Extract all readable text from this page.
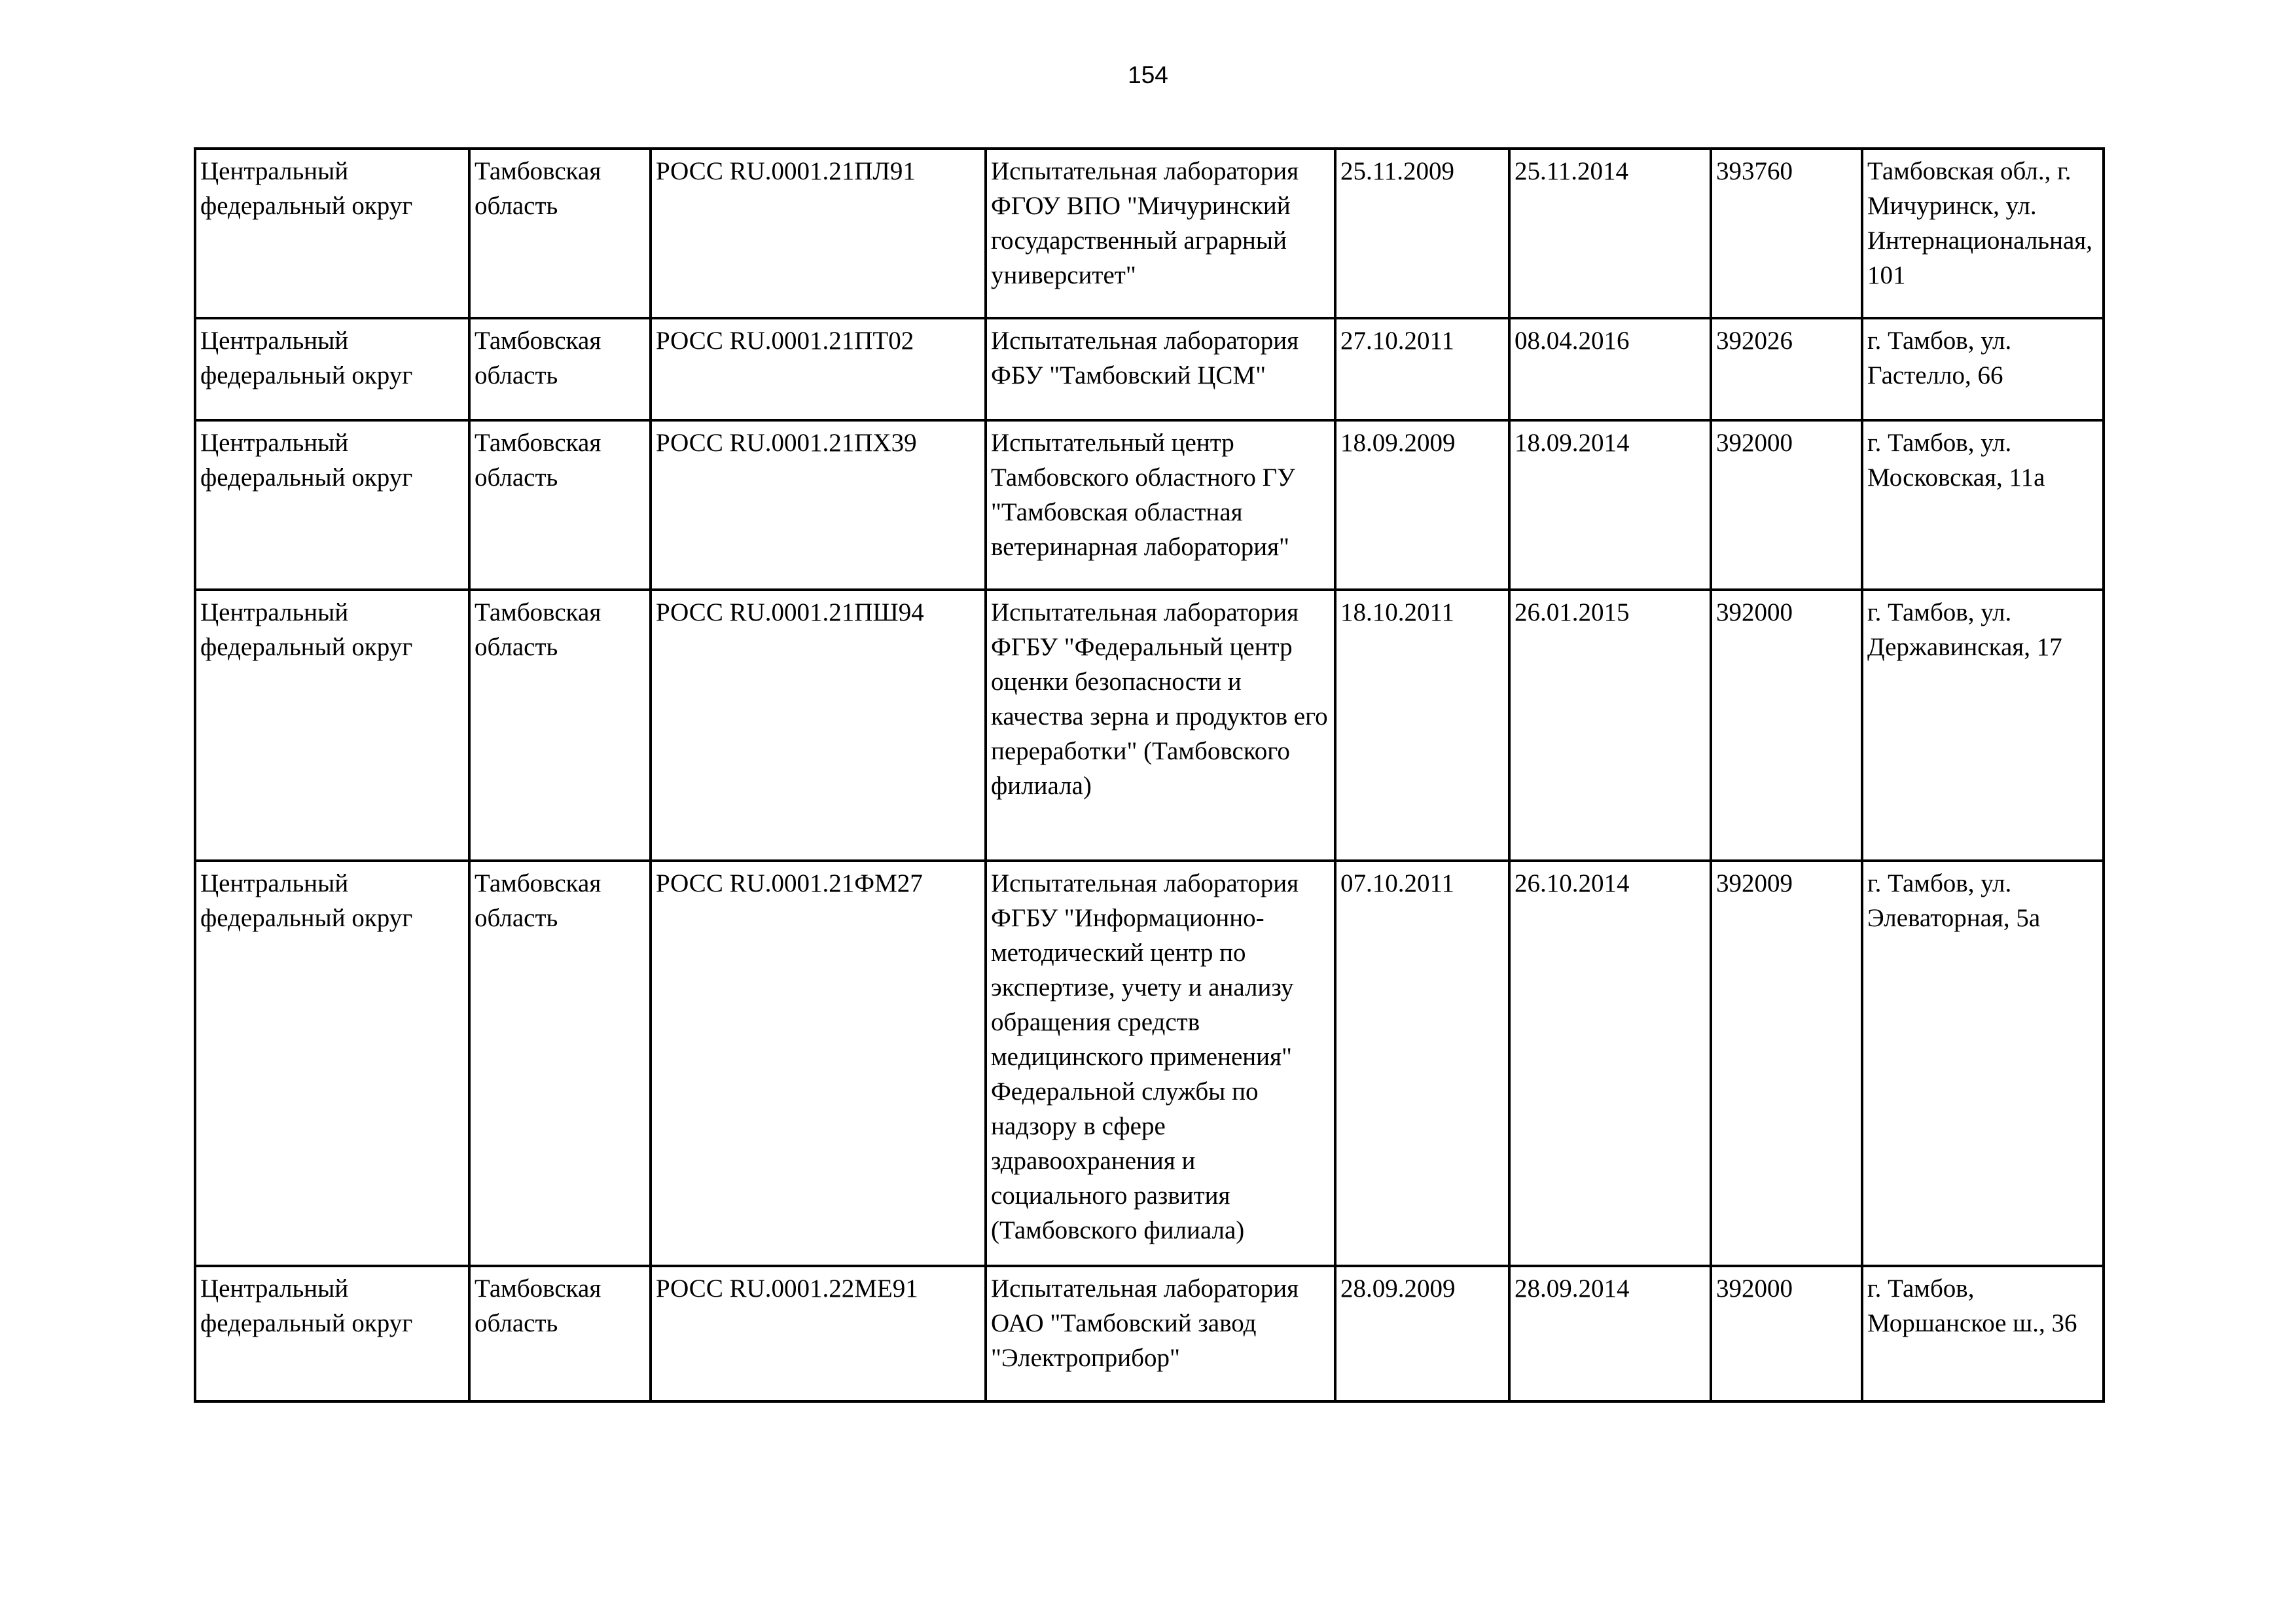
154
Центральный федеральный округ	Тамбовская область	РОСС RU.0001.21ПЛ91	Испытательная лаборатория ФГОУ ВПО "Мичуринский государственный аграрный университет"	25.11.2009	25.11.2014	393760	Тамбовская обл., г. Мичуринск, ул. Интернациональная, 101
Центральный федеральный округ	Тамбовская область	РОСС RU.0001.21ПТ02	Испытательная лаборатория ФБУ "Тамбовский ЦСМ"	27.10.2011	08.04.2016	392026	г. Тамбов, ул. Гастелло, 66
Центральный федеральный округ	Тамбовская область	РОСС RU.0001.21ПХ39	Испытательный центр Тамбовского областного ГУ "Тамбовская областная ветеринарная лаборатория"	18.09.2009	18.09.2014	392000	г. Тамбов, ул. Московская, 11а
Центральный федеральный округ	Тамбовская область	РОСС RU.0001.21ПШ94	Испытательная лаборатория ФГБУ "Федеральный центр оценки безопасности и качества зерна и продуктов его переработки" (Тамбовского филиала)	18.10.2011	26.01.2015	392000	г. Тамбов, ул. Державинская, 17
Центральный федеральный округ	Тамбовская область	РОСС RU.0001.21ФМ27	Испытательная лаборатория ФГБУ "Информационно-методический центр по экспертизе, учету и анализу обращения средств медицинского применения" Федеральной службы по надзору в сфере здравоохранения и социального развития (Тамбовского филиала)	07.10.2011	26.10.2014	392009	г. Тамбов, ул. Элеваторная, 5а
Центральный федеральный округ	Тамбовская область	РОСС RU.0001.22МЕ91	Испытательная лаборатория ОАО "Тамбовский завод "Электроприбор"	28.09.2009	28.09.2014	392000	г. Тамбов, Моршанское ш., 36
